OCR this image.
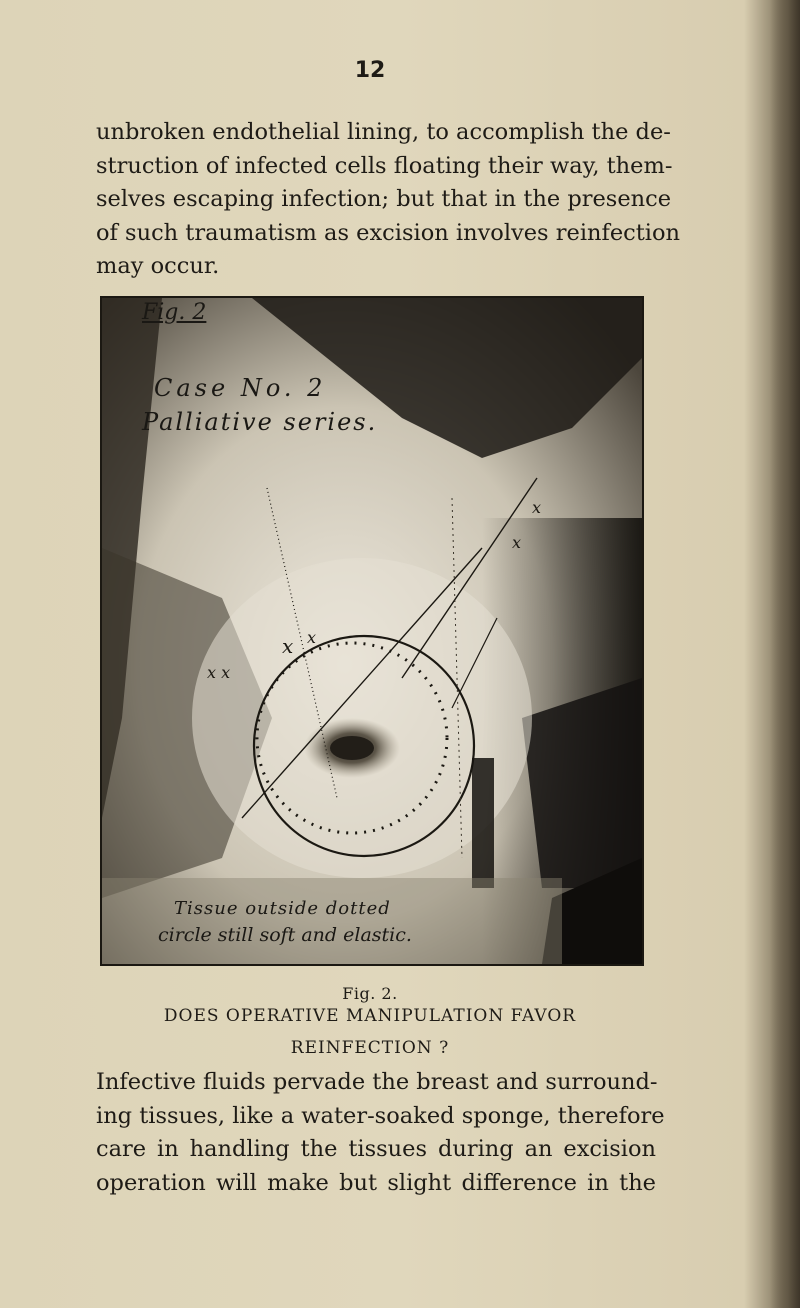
12
unbroken endothelial lining, to accomplish the de-
struction of infected cells floating their way, them-
selves escaping infection; but that in the presence
of such traumatism as excision involves reinfection
may occur.
x x
x x
x
x
Fig. 2
Case No. 2
Palliative series.
Tissue outside dotted
circle still soft and elastic.
Fig. 2.
DOES OPERATIVE MANIPULATION FAVOR
REINFECTION ?
Infective fluids pervade the breast and surround-
ing tissues, like a water-soaked sponge, therefore
care in handling the tissues during an excision
operation will make but slight difference in the
